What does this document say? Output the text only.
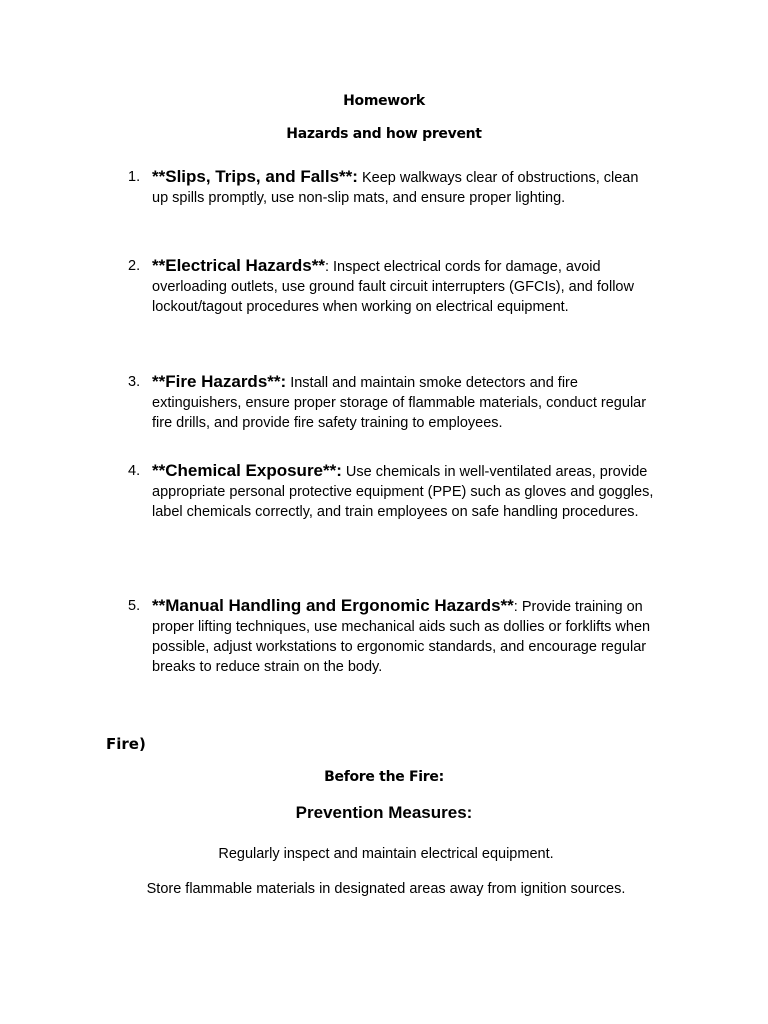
Homework
Hazards and how prevent
1. **Slips, Trips, and Falls**: Keep walkways clear of obstructions, clean up spills promptly, use non-slip mats, and ensure proper lighting.
2. **Electrical Hazards**: Inspect electrical cords for damage, avoid overloading outlets, use ground fault circuit interrupters (GFCIs), and follow lockout/tagout procedures when working on electrical equipment.
3. **Fire Hazards**: Install and maintain smoke detectors and fire extinguishers, ensure proper storage of flammable materials, conduct regular fire drills, and provide fire safety training to employees.
4. **Chemical Exposure**: Use chemicals in well-ventilated areas, provide appropriate personal protective equipment (PPE) such as gloves and goggles, label chemicals correctly, and train employees on safe handling procedures.
5. **Manual Handling and Ergonomic Hazards**: Provide training on proper lifting techniques, use mechanical aids such as dollies or forklifts when possible, adjust workstations to ergonomic standards, and encourage regular breaks to reduce strain on the body.
Fire)
Before the Fire:
Prevention Measures:
Regularly inspect and maintain electrical equipment.
Store flammable materials in designated areas away from ignition sources.
